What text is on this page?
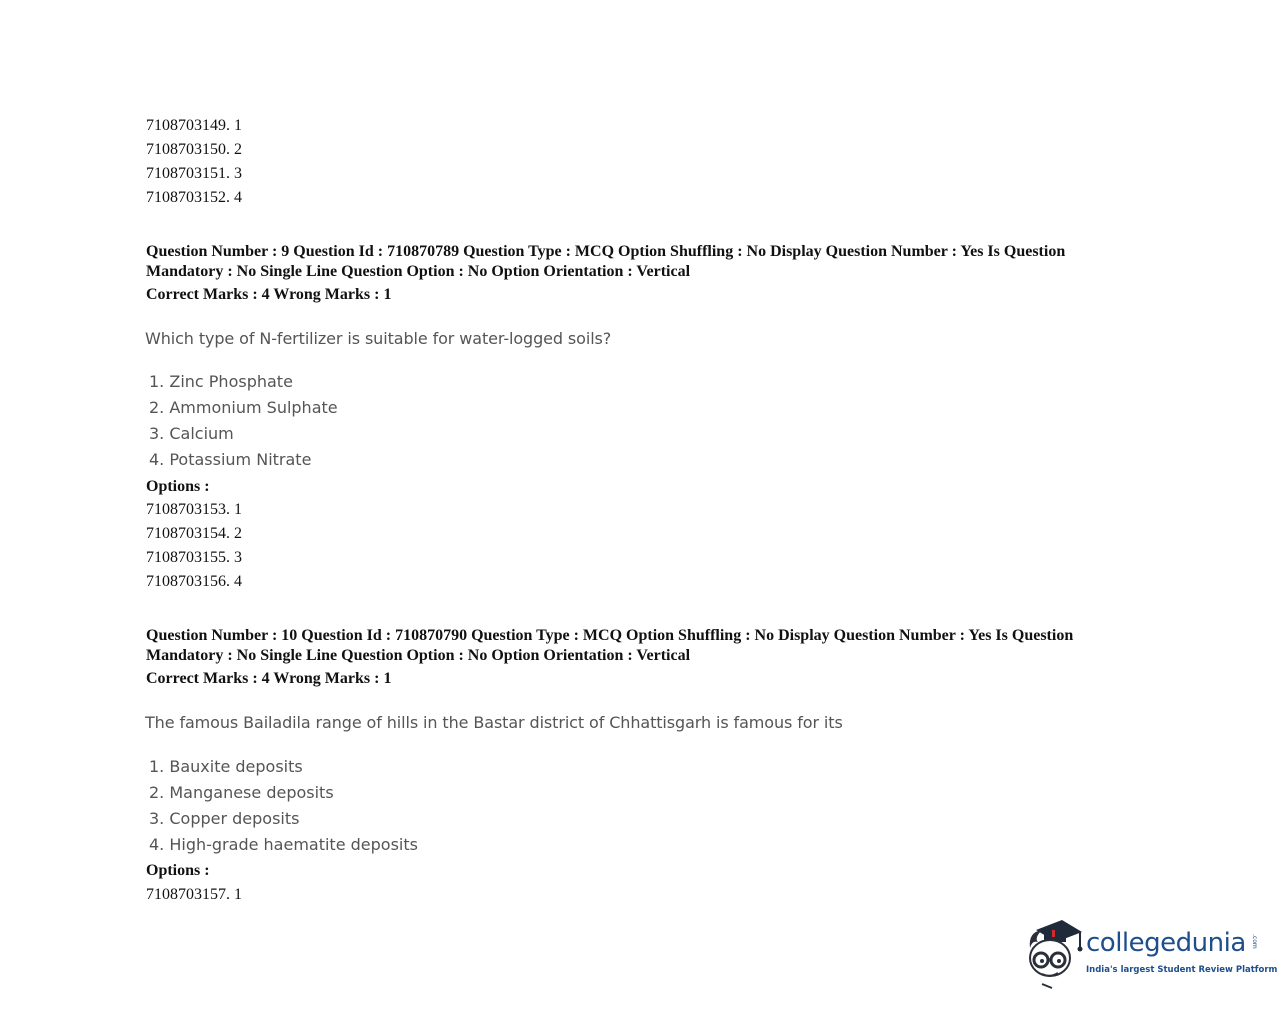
7108703149. 1
7108703150. 2
7108703151. 3
7108703152. 4
Question Number : 9 Question Id : 710870789 Question Type : MCQ Option Shuffling : No Display Question Number : Yes Is Question
Mandatory : No Single Line Question Option : No Option Orientation : Vertical
Correct Marks : 4 Wrong Marks : 1
Which type of N-fertilizer is suitable for water-logged soils?
1. Zinc Phosphate
2. Ammonium Sulphate
3. Calcium
4. Potassium Nitrate
Options :
7108703153. 1
7108703154. 2
7108703155. 3
7108703156. 4
Question Number : 10 Question Id : 710870790 Question Type : MCQ Option Shuffling : No Display Question Number : Yes Is Question
Mandatory : No Single Line Question Option : No Option Orientation : Vertical
Correct Marks : 4 Wrong Marks : 1
The famous Bailadila range of hills in the Bastar district of Chhattisgarh is famous for its
1. Bauxite deposits
2. Manganese deposits
3. Copper deposits
4. High-grade haematite deposits
Options :
7108703157. 1
collegedunia .com
India's largest Student Review Platform
